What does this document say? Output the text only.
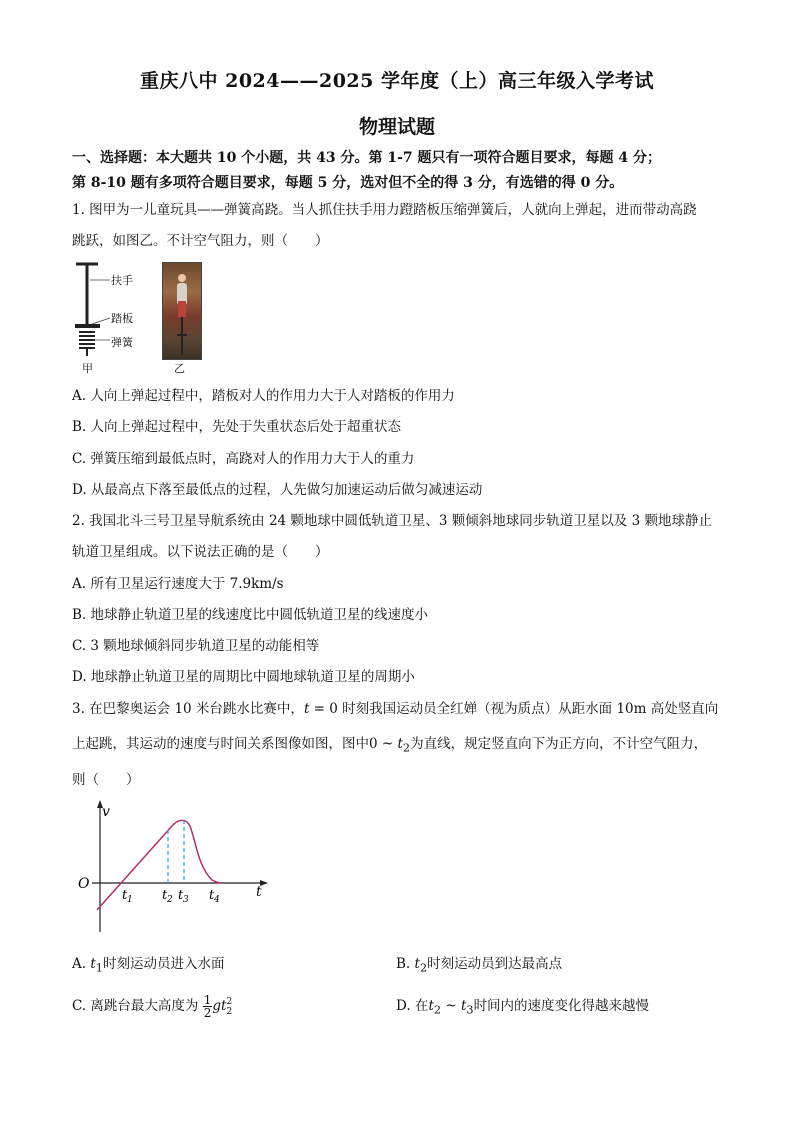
重庆八中 2024——2025 学年度（上）高三年级入学考试
物理试题
一、选择题：本大题共 10 个小题，共 43 分。第 1-7 题只有一项符合题目要求，每题 4 分；
第 8-10 题有多项符合题目要求，每题 5 分，选对但不全的得 3 分，有选错的得 0 分。
1. 图甲为一儿童玩具——弹簧高跷。当人抓住扶手用力蹬踏板压缩弹簧后，人就向上弹起，进而带动高跷
跳跃，如图乙。不计空气阻力，则（　　）
扶手
踏板
弹簧
甲	乙
A. 人向上弹起过程中，踏板对人的作用力大于人对踏板的作用力
B. 人向上弹起过程中，先处于失重状态后处于超重状态
C. 弹簧压缩到最低点时，高跷对人的作用力大于人的重力
D. 从最高点下落至最低点的过程，人先做匀加速运动后做匀减速运动
2. 我国北斗三号卫星导航系统由 24 颗地球中圆低轨道卫星、3 颗倾斜地球同步轨道卫星以及 3 颗地球静止
轨道卫星组成。以下说法正确的是（　　）
A. 所有卫星运行速度大于 7.9km/s
B. 地球静止轨道卫星的线速度比中圆低轨道卫星的线速度小
C. 3 颗地球倾斜同步轨道卫星的动能相等
D. 地球静止轨道卫星的周期比中圆地球轨道卫星的周期小
3. 在巴黎奥运会 10 米台跳水比赛中，t = 0 时刻我国运动员全红婵（视为质点）从距水面 10m 高处竖直向
上起跳，其运动的速度与时间关系图像如图，图中0 ~ $t_2$为直线，规定竖直向下为正方向，不计空气阻力，
则（　　）
v
O	t
t 1 t 2 t 3 t 4
A. $t_1$时刻运动员进入水面	B. $t_2$时刻运动员到达最高点
C. 离跳台最大高度为 $\frac{1}{2}$ gt 2
2	D. 在$t_2$ ~ $t_3$时间内的速度变化得越来越慢
